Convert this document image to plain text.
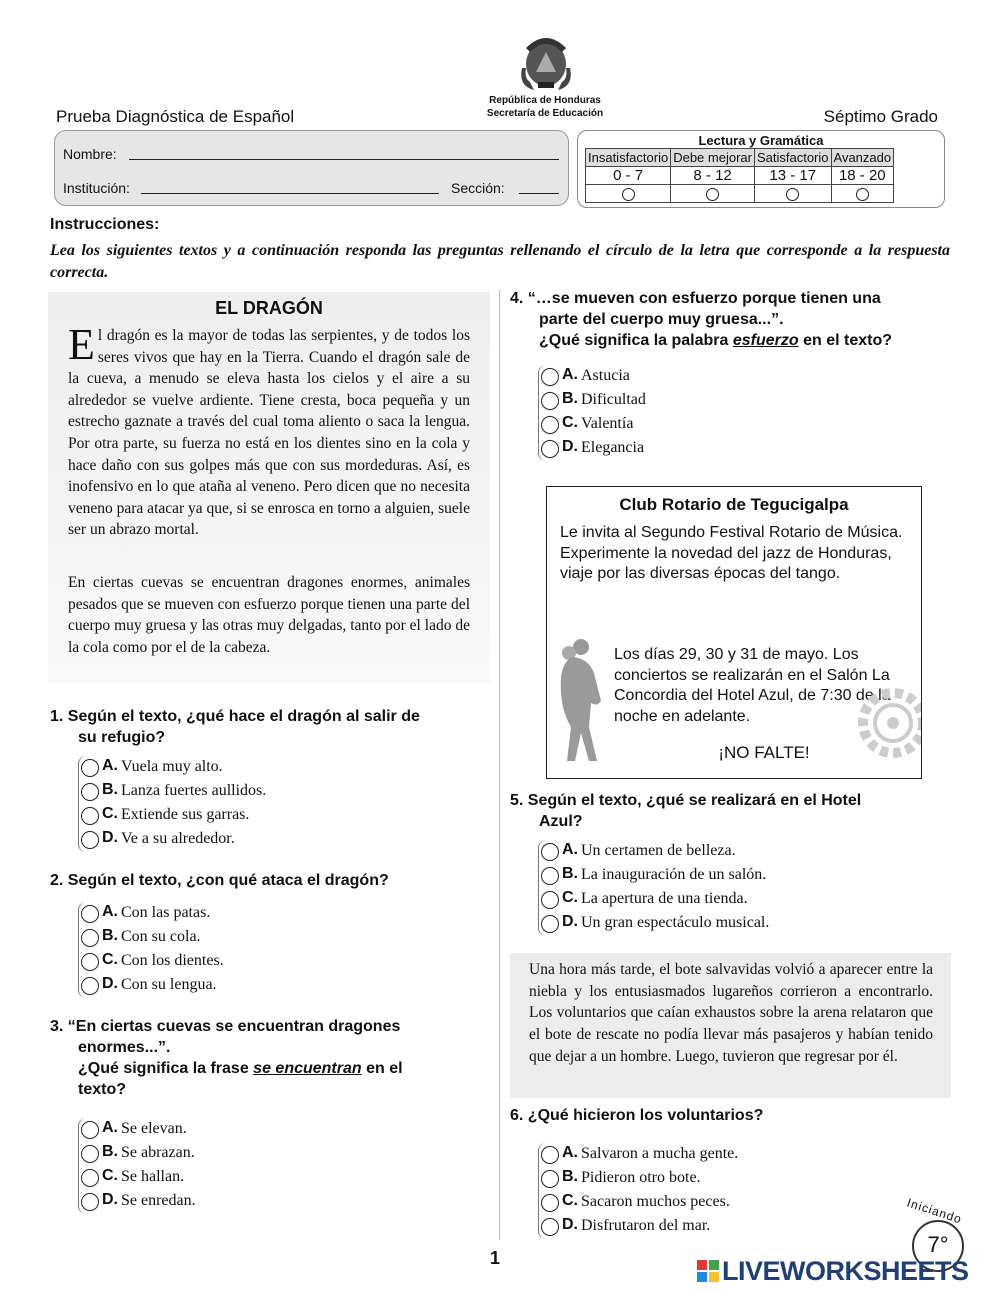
República de Honduras
Secretaría de Educación
Prueba Diagnóstica de Español	Séptimo Grado
Nombre:
Institución:	Sección:
Lectura y Gramática
Insatisfactorio	Debe mejorar	Satisfactorio	Avanzado
0 - 7	8 - 12	13 - 17	18 - 20

Instrucciones:
Lea los siguientes textos y a continuación responda las preguntas rellenando el círculo de la letra que corresponde a la respuesta correcta.
EL DRAGÓN
El dragón es la mayor de todas las serpientes, y de todos los seres vivos que hay en la Tierra. Cuando el dragón sale de la cueva, a menudo se eleva hasta los cielos y el aire a su alrededor se vuelve ardiente. Tiene cresta, boca pequeña y un estrecho gaznate a través del cual toma aliento o saca la lengua. Por otra parte, su fuerza no está en los dientes sino en la cola y hace daño con sus golpes más que con sus mordeduras. Así, es inofensivo en lo que ataña al veneno. Pero dicen que no necesita veneno para atacar ya que, si se enrosca en torno a alguien, suele ser un abrazo mortal.
En ciertas cuevas se encuentran dragones enormes, animales pesados que se mueven con esfuerzo porque tienen una parte del cuerpo muy gruesa y las otras muy delgadas, tanto por el lado de la cola como por el de la cabeza.
1. Según el texto, ¿qué hace el dragón al salir de
su refugio?
A. Vuela muy alto.
B. Lanza fuertes aullidos.
C. Extiende sus garras.
D. Ve a su alrededor.
2. Según el texto, ¿con qué ataca el dragón?
A. Con las patas.
B. Con su cola.
C. Con los dientes.
D. Con su lengua.
3. “En ciertas cuevas se encuentran dragones
enormes...”.
¿Qué significa la frase se encuentran en el
texto?
A. Se elevan.
B. Se abrazan.
C. Se hallan.
D. Se enredan.
4. “…se mueven con esfuerzo porque tienen una
parte del cuerpo muy gruesa...”.
¿Qué significa la palabra esfuerzo en el texto?
A. Astucia
B. Dificultad
C. Valentía
D. Elegancia
Club Rotario de Tegucigalpa
Le invita al Segundo Festival Rotario de Música. Experimente la novedad del jazz de Honduras, viaje por las diversas épocas del tango.
Los días 29, 30 y 31 de mayo. Los conciertos se realizarán en el Salón La Concordia del Hotel Azul, de 7:30 de la noche en adelante.
¡NO FALTE!
5. Según el texto, ¿qué se realizará en el Hotel
Azul?
A. Un certamen de belleza.
B. La inauguración de un salón.
C. La apertura de una tienda.
D. Un gran espectáculo musical.
Una hora más tarde, el bote salvavidas volvió a aparecer entre la niebla y los entusiasmados lugareños corrieron a encontrarlo. Los voluntarios que caían exhaustos sobre la arena relataron que el bote de rescate no podía llevar más pasajeros y habían tenido que dejar a un hombre. Luego, tuvieron que regresar por él.
6. ¿Qué hicieron los voluntarios?
A. Salvaron a mucha gente.
B. Pidieron otro bote.
C. Sacaron muchos peces.
D. Disfrutaron del mar.
1
Iniciando
7°
LIVEWORKSHEETS
